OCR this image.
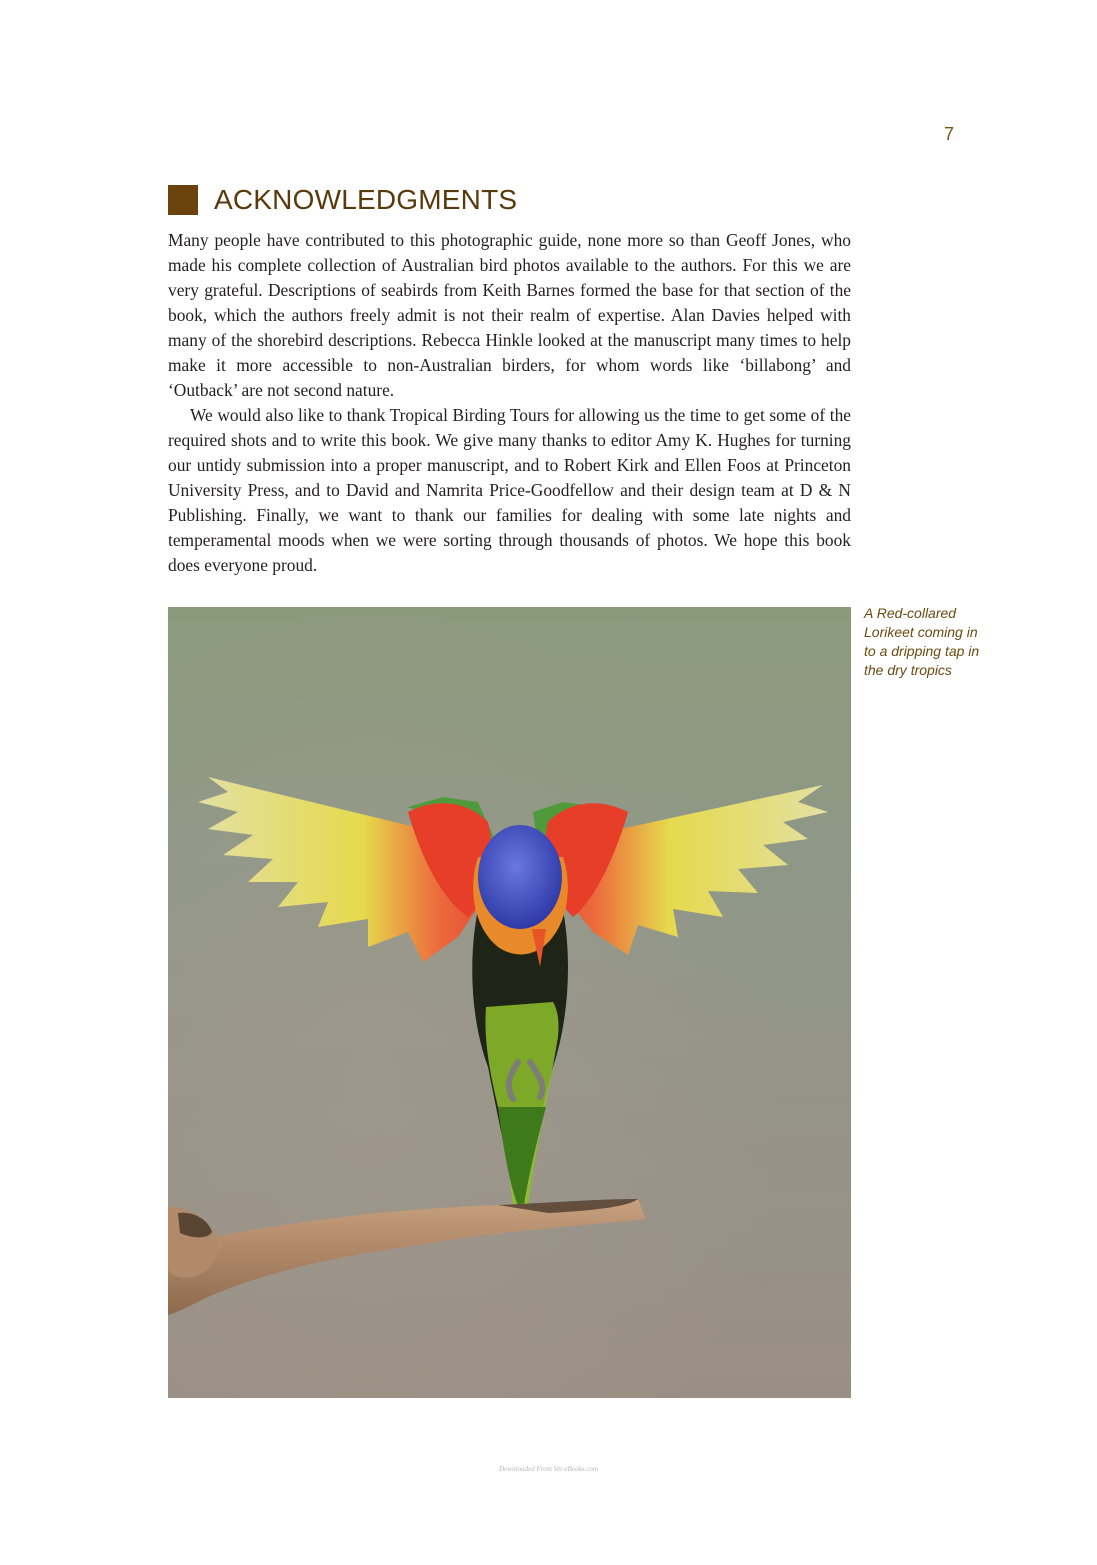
7
ACKNOWLEDGMENTS

Many people have contributed to this photographic guide, none more so than Geoff Jones, who made his complete collection of Australian bird photos available to the authors. For this we are very grateful. Descriptions of seabirds from Keith Barnes formed the base for that section of the book, which the authors freely admit is not their realm of expertise. Alan Davies helped with many of the shorebird descriptions. Rebecca Hinkle looked at the manuscript many times to help make it more accessible to non-Australian birders, for whom words like ‘billabong’ and ‘Outback’ are not second nature.

We would also like to thank Tropical Birding Tours for allowing us the time to get some of the required shots and to write this book. We give many thanks to editor Amy K. Hughes for turning our untidy submission into a proper manuscript, and to Robert Kirk and Ellen Foos at Princeton University Press, and to David and Namrita Price-Goodfellow and their design team at D & N Publishing. Finally, we want to thank our families for dealing with some late nights and temperamental moods when we were sorting through thousands of photos. We hope this book does everyone proud.

A Red-collared Lorikeet coming in to a dripping tap in the dry tropics
Downloaded From Vet-eBooks.com
